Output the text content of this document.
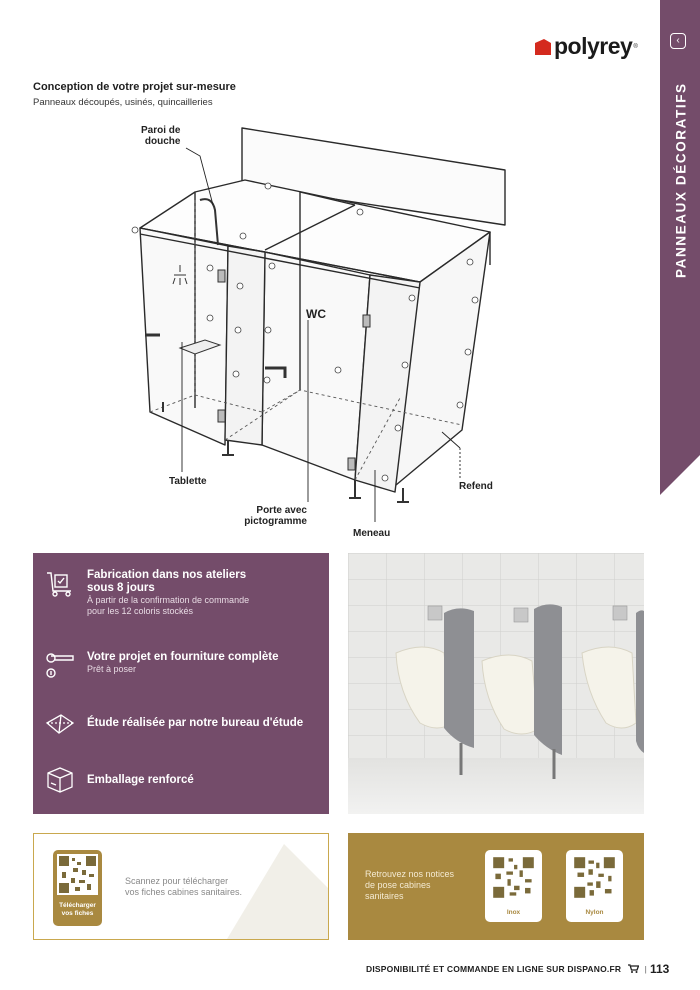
polyrey ®
‹
PANNEAUX DÉCORATIFS
Conception de votre projet sur-mesure
Panneaux découpés, usinés, quincailleries
WC
Paroi de
douche
Tablette
Porte avec
pictogramme
Meneau
Refend
Fabrication dans nos ateliers
sous 8 jours
À partir de la confirmation de commande
pour les 12 coloris stockés
Votre projet en fourniture complète
Prêt à poser
Étude réalisée par notre bureau d'étude
Emballage renforcé
Télécharger
vos fiches
Scannez pour télécharger
vos fiches cabines sanitaires.
Retrouvez nos notices
de pose cabines
sanitaires
Inox	Nylon
DISPONIBILITÉ ET COMMANDE EN LIGNE SUR DISPANO.FR	| 113
